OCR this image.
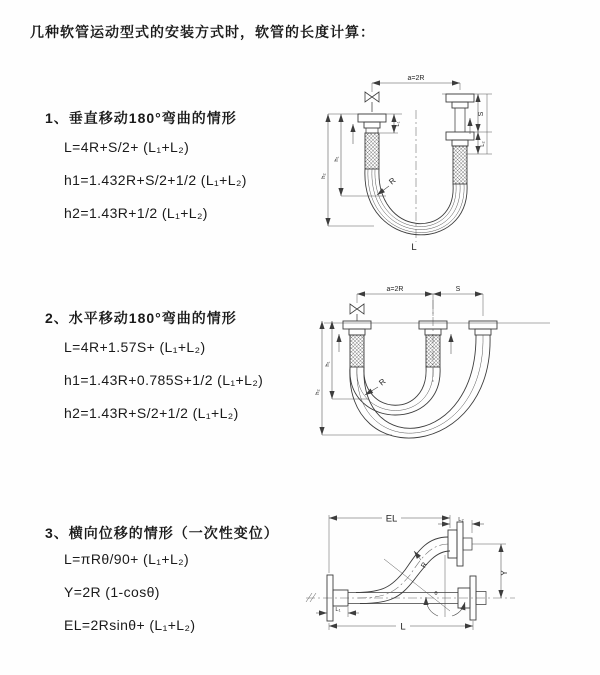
几种软管运动型式的安装方式时，软管的长度计算：
1、垂直移动180°弯曲的情形
L=4R+S/2+ (L₁+L₂)
h1=1.432R+S/2+1/2 (L₁+L₂)
h2=1.43R+1/2 (L₁+L₂)
a=2R
L₁
S
L₂
h₁
h₂	R
L
2、水平移动180°弯曲的情形
L=4R+1.57S+ (L₁+L₂)
h1=1.43R+0.785S+1/2 (L₁+L₂)
h2=1.43R+S/2+1/2 (L₁+L₂)
a=2R	S
h₁
h₂
R
3、横向位移的情形（一次性变位）
L=πRθ/90+ (L₁+L₂)
Y=2R (1-cosθ)
EL=2Rsinθ+ (L₁+L₂)
EL	L₂
Y
θ
R
L₁
L
